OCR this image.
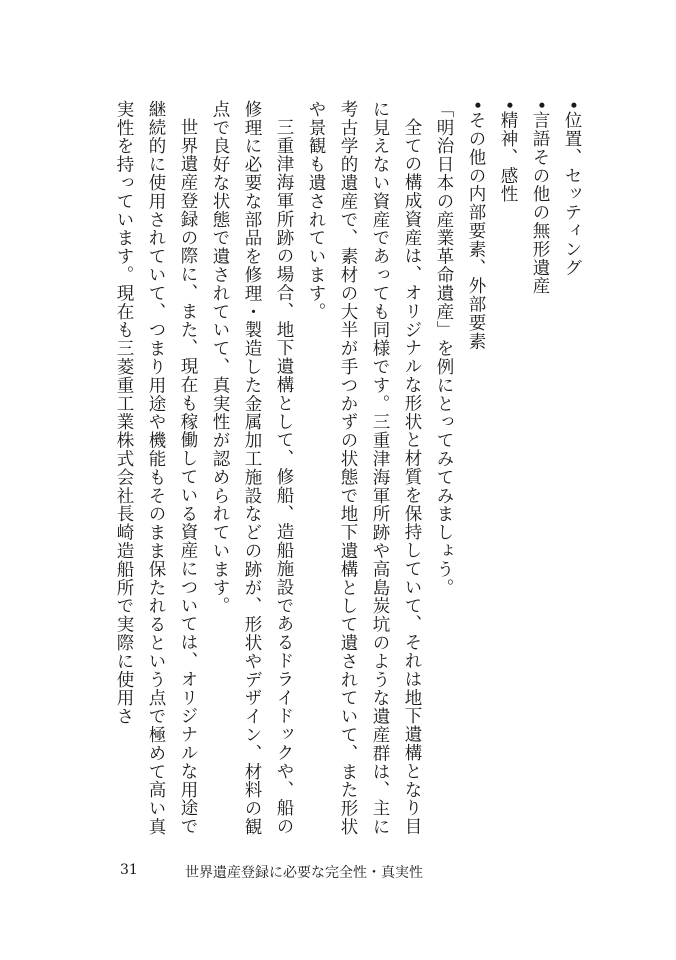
•位置、セッティング

•言語その他の無形遺産

•精神、感性

•その他の内部要素、外部要素

「明治日本の産業革命遺産」を例にとってみてみましょう。

全ての構成資産は、オリジナルな形状と材質を保持していて、それは地下遺構となり目に見えない資産であっても同様です。三重津海軍所跡や高島炭坑のような遺産群は、主に考古学的遺産で、素材の大半が手つかずの状態で地下遺構として遺されていて、また形状や景観も遺されています。

三重津海軍所跡の場合、地下遺構として、修船、造船施設であるドライドックや、船の修理に必要な部品を修理・製造した金属加工施設などの跡が、形状やデザイン、材料の観点で良好な状態で遺されていて、真実性が認められています。

世界遺産登録の際に、また、現在も稼働している資産については、オリジナルな用途で継続的に使用されていて、つまり用途や機能もそのまま保たれるという点で極めて高い真実性を持っています。現在も三菱重工業株式会社長崎造船所で実際に使用さ

31	世界遺産登録に必要な完全性・真実性
